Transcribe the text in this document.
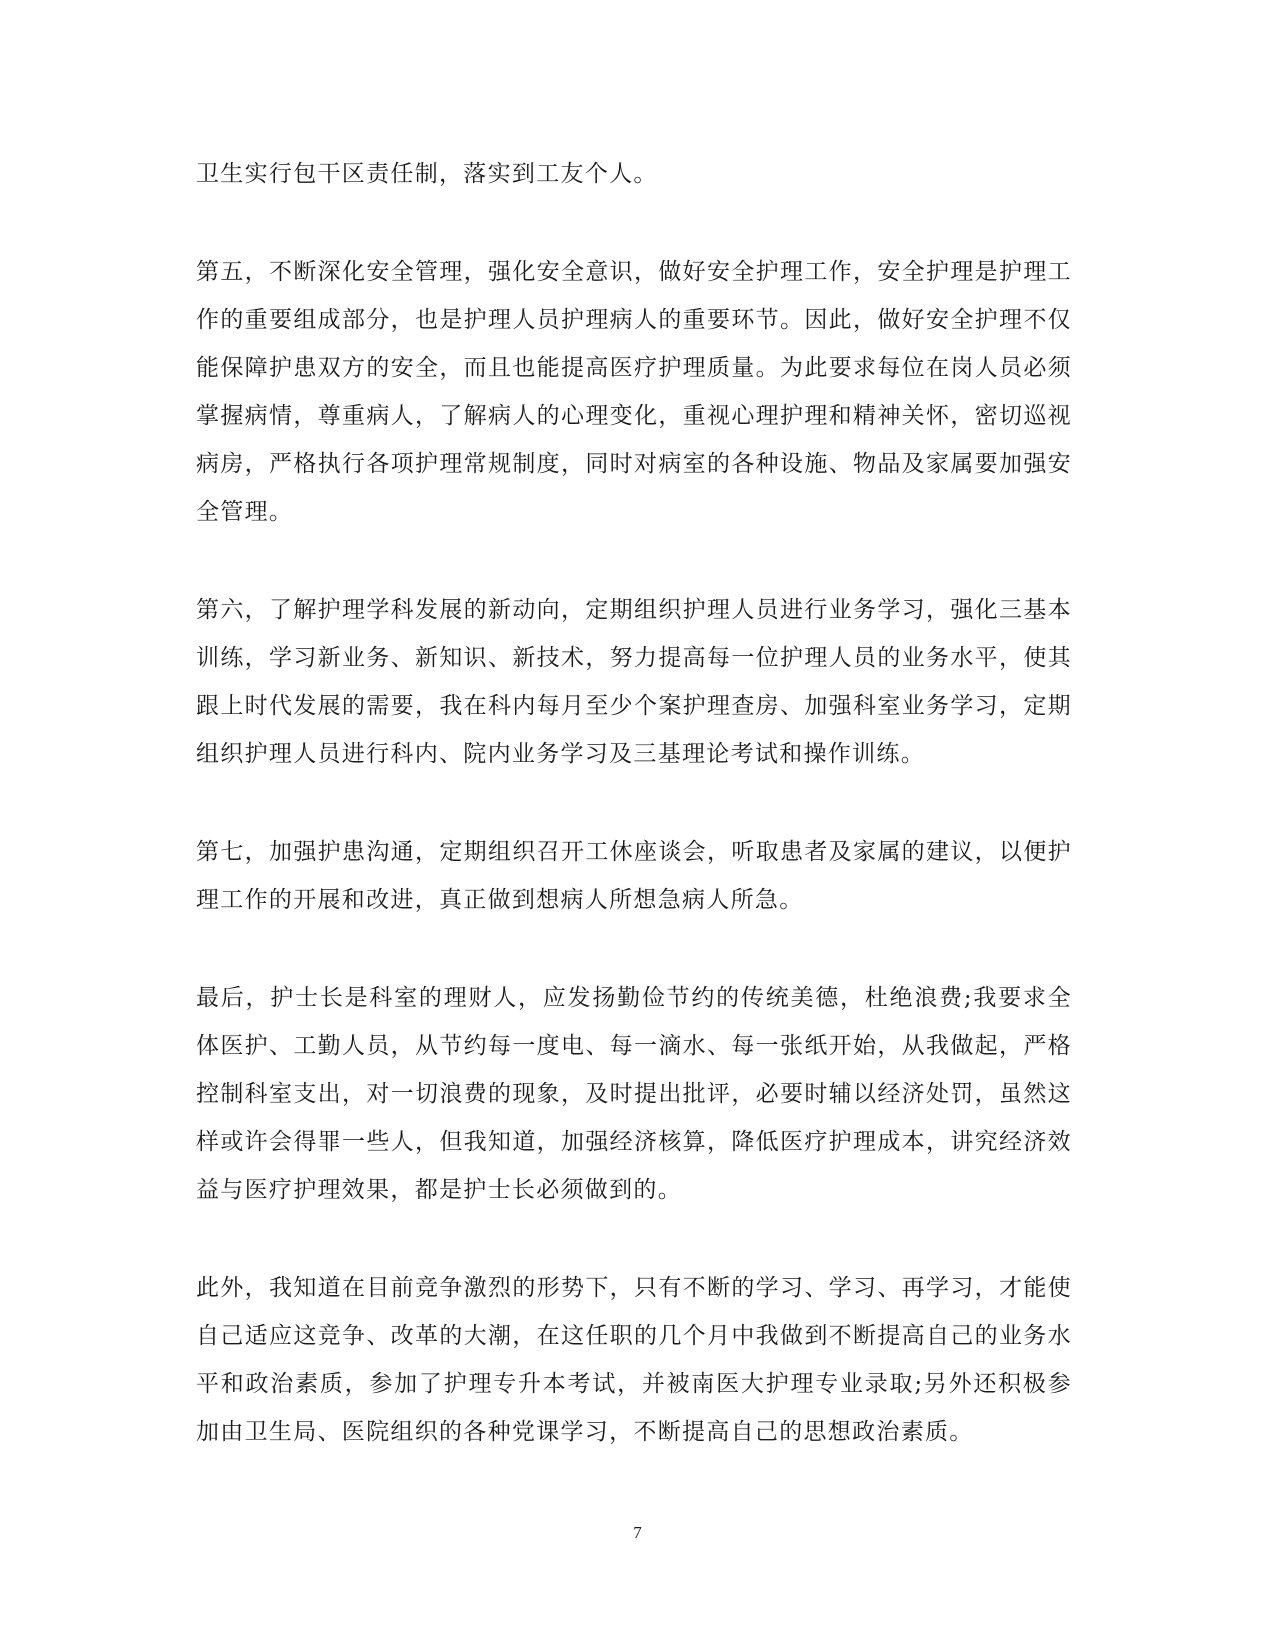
卫生实行包干区责任制，落实到工友个人。

第五，不断深化安全管理，强化安全意识，做好安全护理工作，安全护理是护理工作的重要组成部分，也是护理人员护理病人的重要环节。因此，做好安全护理不仅能保障护患双方的安全，而且也能提高医疗护理质量。为此要求每位在岗人员必须掌握病情，尊重病人，了解病人的心理变化，重视心理护理和精神关怀，密切巡视病房，严格执行各项护理常规制度，同时对病室的各种设施、物品及家属要加强安全管理。

第六，了解护理学科发展的新动向，定期组织护理人员进行业务学习，强化三基本训练，学习新业务、新知识、新技术，努力提高每一位护理人员的业务水平，使其跟上时代发展的需要，我在科内每月至少个案护理查房、加强科室业务学习，定期组织护理人员进行科内、院内业务学习及三基理论考试和操作训练。

第七，加强护患沟通，定期组织召开工休座谈会，听取患者及家属的建议，以便护理工作的开展和改进，真正做到想病人所想急病人所急。

最后，护士长是科室的理财人，应发扬勤俭节约的传统美德，杜绝浪费;我要求全体医护、工勤人员，从节约每一度电、每一滴水、每一张纸开始，从我做起，严格控制科室支出，对一切浪费的现象，及时提出批评，必要时辅以经济处罚，虽然这样或许会得罪一些人，但我知道，加强经济核算，降低医疗护理成本，讲究经济效益与医疗护理效果，都是护士长必须做到的。

此外，我知道在目前竞争激烈的形势下，只有不断的学习、学习、再学习，才能使自己适应这竞争、改革的大潮，在这任职的几个月中我做到不断提高自己的业务水平和政治素质，参加了护理专升本考试，并被南医大护理专业录取;另外还积极参加由卫生局、医院组织的各种党课学习，不断提高自己的思想政治素质。

7
